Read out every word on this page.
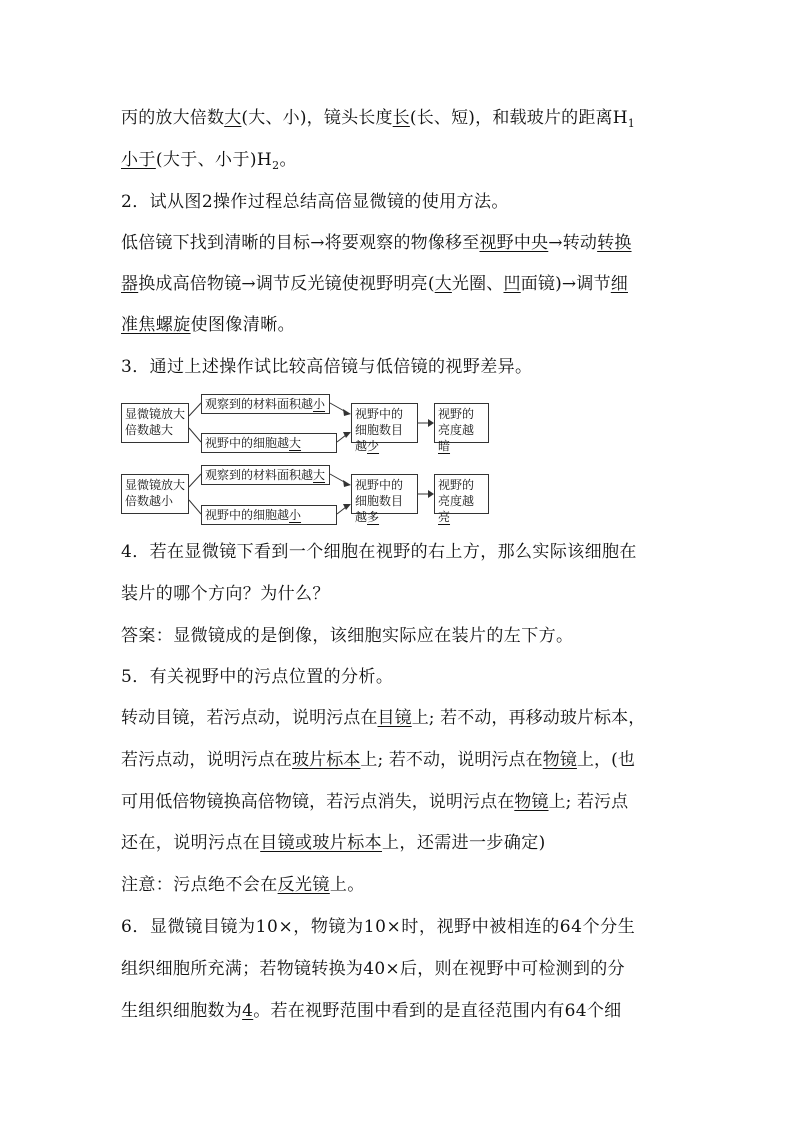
丙的放大倍数大(大、小)，镜头长度长(长、短)，和载玻片的距离$H_1$
小于(大于、小于)$H_2$。
2．试从图2操作过程总结高倍显微镜的使用方法。
低倍镜下找到清晰的目标→将要观察的物像移至视野中央→转动转换
器换成高倍物镜→调节反光镜使视野明亮(大光圈、凹面镜)→调节细
准焦螺旋使图像清晰。
3．通过上述操作试比较高倍镜与低倍镜的视野差异。
显微镜放大倍数越大
观察到的材料面积越小
视野中的细胞越大
视野中的细胞数目越少
视野的亮度越暗
显微镜放大倍数越小
观察到的材料面积越大
视野中的细胞越小
视野中的细胞数目越多
视野的亮度越亮
4．若在显微镜下看到一个细胞在视野的右上方，那么实际该细胞在
装片的哪个方向？为什么？
答案：显微镜成的是倒像，该细胞实际应在装片的左下方。
5．有关视野中的污点位置的分析。
转动目镜，若污点动，说明污点在目镜上; 若不动，再移动玻片标本，
若污点动，说明污点在玻片标本上; 若不动，说明污点在物镜上，(也
可用低倍物镜换高倍物镜，若污点消失，说明污点在物镜上; 若污点
还在，说明污点在目镜或玻片标本上，还需进一步确定)
注意：污点绝不会在反光镜上。
6．显微镜目镜为10×，物镜为10×时，视野中被相连的64个分生
组织细胞所充满；若物镜转换为40×后，则在视野中可检测到的分
生组织细胞数为4。若在视野范围中看到的是直径范围内有64个细
